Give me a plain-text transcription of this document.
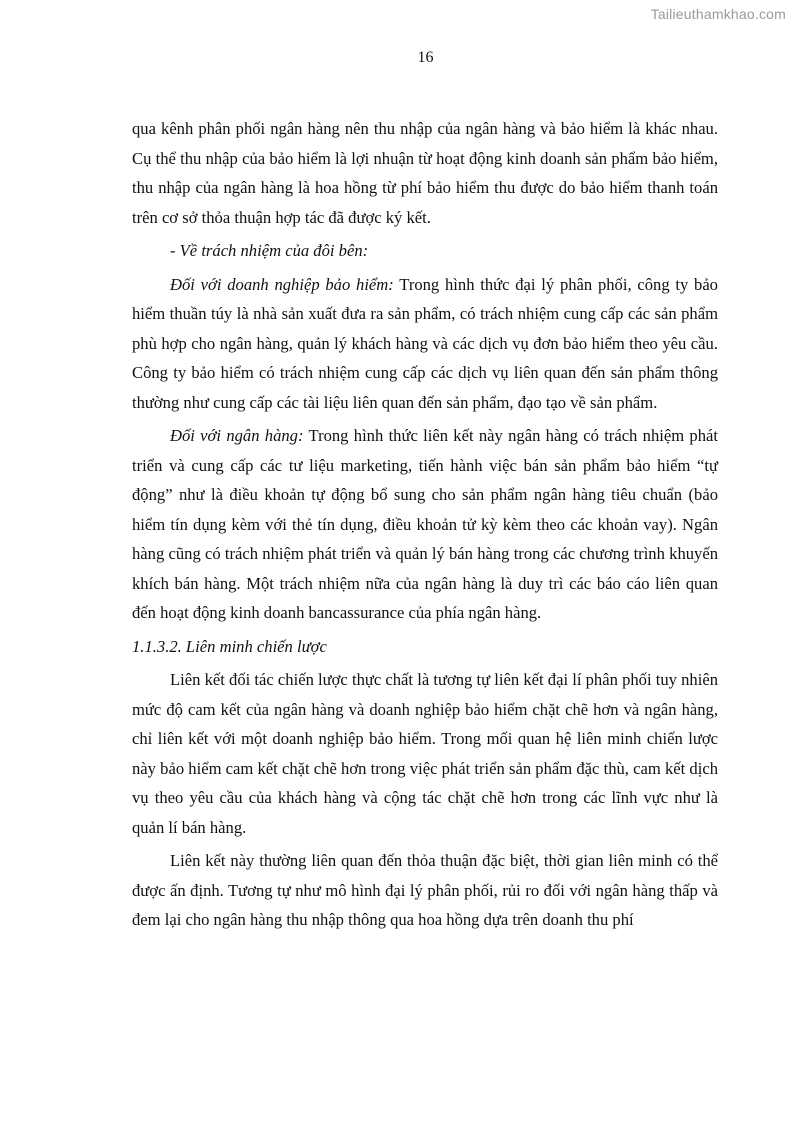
Tailieuthamkhao.com
16

qua kênh phân phối ngân hàng nên thu nhập của ngân hàng và bảo hiểm là khác nhau. Cụ thể thu nhập của bảo hiểm là lợi nhuận từ hoạt động kinh doanh sản phẩm bảo hiểm, thu nhập của ngân hàng là hoa hồng từ phí bảo hiểm thu được do bảo hiểm thanh toán trên cơ sở thỏa thuận hợp tác đã được ký kết.

- Về trách nhiệm của đôi bên:

Đối với doanh nghiệp bảo hiểm: Trong hình thức đại lý phân phối, công ty bảo hiểm thuần túy là nhà sản xuất đưa ra sản phẩm, có trách nhiệm cung cấp các sản phẩm phù hợp cho ngân hàng, quản lý khách hàng và các dịch vụ đơn bảo hiểm theo yêu cầu. Công ty bảo hiểm có trách nhiệm cung cấp các dịch vụ liên quan đến sản phẩm thông thường như cung cấp các tài liệu liên quan đến sản phẩm, đạo tạo về sản phẩm.

Đối với ngân hàng: Trong hình thức liên kết này ngân hàng có trách nhiệm phát triển và cung cấp các tư liệu marketing, tiến hành việc bán sản phẩm bảo hiểm “tự động” như là điều khoản tự động bổ sung cho sản phẩm ngân hàng tiêu chuẩn (bảo hiểm tín dụng kèm với thẻ tín dụng, điều khoản tử kỳ kèm theo các khoản vay). Ngân hàng cũng có trách nhiệm phát triển và quản lý bán hàng trong các chương trình khuyến khích bán hàng. Một trách nhiệm nữa của ngân hàng là duy trì các báo cáo liên quan đến hoạt động kinh doanh bancassurance của phía ngân hàng.

1.1.3.2. Liên minh chiến lược

Liên kết đối tác chiến lược thực chất là tương tự liên kết đại lí phân phối tuy nhiên mức độ cam kết của ngân hàng và doanh nghiệp bảo hiểm chặt chẽ hơn và ngân hàng, chỉ liên kết với một doanh nghiệp bảo hiểm. Trong mối quan hệ liên minh chiến lược này bảo hiểm cam kết chặt chẽ hơn trong việc phát triển sản phẩm đặc thù, cam kết dịch vụ theo yêu cầu của khách hàng và cộng tác chặt chẽ hơn trong các lĩnh vực như là quản lí bán hàng.

Liên kết này thường liên quan đến thỏa thuận đặc biệt, thời gian liên minh có thể được ấn định. Tương tự như mô hình đại lý phân phối, rủi ro đối với ngân hàng thấp và đem lại cho ngân hàng thu nhập thông qua hoa hồng dựa trên doanh thu phí
